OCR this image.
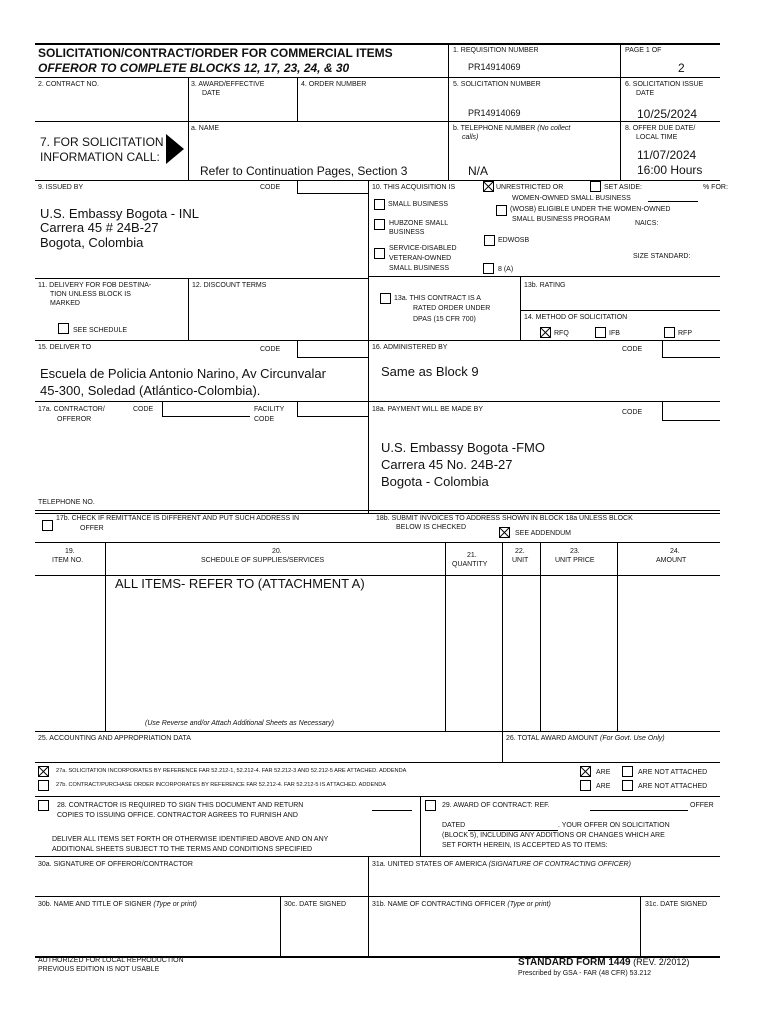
SOLICITATION/CONTRACT/ORDER FOR COMMERCIAL ITEMS
OFFEROR TO COMPLETE BLOCKS 12, 17, 23, 24, & 30
1. REQUISITION NUMBER
PR14914069
PAGE 1 OF
2
2. CONTRACT NO.	3. AWARD/EFFECTIVE
DATE
4. ORDER NUMBER	5. SOLICITATION NUMBER
PR14914069
6. SOLICITATION ISSUE
DATE
10/25/2024
7. FOR SOLICITATION
INFORMATION CALL:
a. NAME
Refer to Continuation Pages, Section 3
b. TELEPHONE NUMBER (No collect
calls)
N/A
8. OFFER DUE DATE/
LOCAL TIME
11/07/2024
16:00 Hours
9. ISSUED BY	CODE
U.S. Embassy Bogota - INL
Carrera 45 # 24B-27
Bogota, Colombia
10. THIS ACQUISITION IS	UNRESTRICTED OR	SET ASIDE:	% FOR:
SMALL BUSINESS
WOMEN-OWNED SMALL BUSINESS
(WOSB) ELIGIBLE UNDER THE WOMEN-OWNED
SMALL BUSINESS PROGRAM
NAICS:
HUBZONE SMALL
BUSINESS
EDWOSB
SERVICE-DISABLED
VETERAN-OWNED
SMALL BUSINESS	8 (A)
SIZE STANDARD:
11. DELIVERY FOR FOB DESTINA-
TION UNLESS BLOCK IS
MARKED
SEE SCHEDULE
12. DISCOUNT TERMS
13a. THIS CONTRACT IS A
RATED ORDER UNDER
DPAS (15 CFR 700)
13b. RATING
14. METHOD OF SOLICITATION
RFQ	IFB	RFP
15. DELIVER TO	CODE
Escuela de Policia Antonio Narino, Av Circunvalar
45-300, Soledad (Atlántico-Colombia).
16. ADMINISTERED BY	CODE
Same as Block 9
17a. CONTRACTOR/
OFFEROR
CODE	FACILITY
CODE
TELEPHONE NO.
17b. CHECK IF REMITTANCE IS DIFFERENT AND PUT SUCH ADDRESS IN
OFFER
18a. PAYMENT WILL BE MADE BY	CODE
U.S. Embassy Bogota -FMO
Carrera 45 No. 24B-27
Bogota - Colombia
18b. SUBMIT INVOICES TO ADDRESS SHOWN IN BLOCK 18a UNLESS BLOCK
BELOW IS CHECKED
SEE ADDENDUM
19.
ITEM NO.
20.
SCHEDULE OF SUPPLIES/SERVICES
21.
QUANTITY
22.
UNIT
23.
UNIT PRICE
24.
AMOUNT
ALL ITEMS- REFER TO (ATTACHMENT A)
(Use Reverse and/or Attach Additional Sheets as Necessary)
25. ACCOUNTING AND APPROPRIATION DATA	26. TOTAL AWARD AMOUNT (For Govt. Use Only)
27a. SOLICITATION INCORPORATES BY REFERENCE FAR 52.212-1, 52.212-4. FAR 52.212-3 AND 52.212-5 ARE ATTACHED. ADDENDA	ARE	ARE NOT ATTACHED
27b. CONTRACT/PURCHASE ORDER INCORPORATES BY REFERENCE FAR 52.212-4. FAR 52.212-5 IS ATTACHED. ADDENDA	ARE	ARE NOT ATTACHED
28. CONTRACTOR IS REQUIRED TO SIGN THIS DOCUMENT AND RETURN
COPIES TO ISSUING OFFICE. CONTRACTOR AGREES TO FURNISH AND
DELIVER ALL ITEMS SET FORTH OR OTHERWISE IDENTIFIED ABOVE AND ON ANY
ADDITIONAL SHEETS SUBJECT TO THE TERMS AND CONDITIONS SPECIFIED
29. AWARD OF CONTRACT: REF.	OFFER
DATED	. YOUR OFFER ON SOLICITATION
(BLOCK 5), INCLUDING ANY ADDITIONS OR CHANGES WHICH ARE
SET FORTH HEREIN, IS ACCEPTED AS TO ITEMS:
30a. SIGNATURE OF OFFEROR/CONTRACTOR	31a. UNITED STATES OF AMERICA (SIGNATURE OF CONTRACTING OFFICER)
30b. NAME AND TITLE OF SIGNER (Type or print)	30c. DATE SIGNED	31b. NAME OF CONTRACTING OFFICER (Type or print)	31c. DATE SIGNED
AUTHORIZED FOR LOCAL REPRODUCTION
PREVIOUS EDITION IS NOT USABLE
STANDARD FORM 1449 (REV. 2/2012)
Prescribed by GSA - FAR (48 CFR) 53.212
